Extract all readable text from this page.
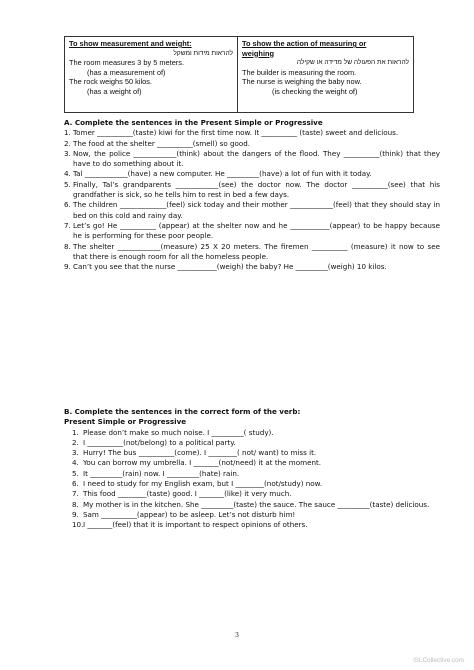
To show measurement and weight:
להראות מידות ומשקל
The room measures 3 by 5 meters.
(has a measurement of)
The rock weighs 50 kilos.
(has a weight of)
To show the action of measuring or
weighing
להראות את הפעולה של מדידה או שקילה
The builder is measuring the room.
The nurse is weighing the baby now.
(is checking the weight of)
A. Complete the sentences in the Present Simple or Progressive
1. Tomer __________(taste) kiwi for the first time now. It __________ (taste) sweet and delicious.
2. The food at the shelter __________(smell) so good.
3. Now, the police ____________(think) about the dangers of the flood. They __________(think) that they have to do something about it.
4. Tal ____________(have) a new computer. He _________(have) a lot of fun with it today.
5. Finally, Tal’s grandparents ____________(see) the doctor now. The doctor __________(see) that his grandfather is sick, so he tells him to rest in bed a few days.
6. The children _____________(feel) sick today and their mother ____________(feel) that they should stay in bed on this cold and rainy day.
7. Let’s go! He __________ (appear) at the shelter now and he ___________(appear) to be happy because he is performing for these poor people.
8. The shelter ____________(measure) 25 X 20 meters. The firemen __________ (measure) it now to see that there is enough room for all the homeless people.
9. Can’t you see that the nurse ___________(weigh) the baby? He _________(weigh) 10 kilos.
B. Complete the sentences in the correct form of the verb:
Present Simple or Progressive
1. Please don’t make so much noise. I _________( study).
2. I __________(not/belong) to a political party.
3. Hurry! The bus __________(come). I ________( not/ want) to miss it.
4. You can borrow my umbrella. I _______(not/need) it at the moment.
5. It _________(rain) now. I _________(hate) rain.
6. I need to study for my English exam, but I ________(not/study) now.
7. This food ________(taste) good. I _______(like) it very much.
8. My mother is in the kitchen. She _________(taste) the sauce. The sauce _________(taste) delicious.
9. Sam __________(appear) to be asleep. Let’s not disturb him!
10. I _______(feel) that it is important to respect opinions of others.
3
iSLCollective.com
